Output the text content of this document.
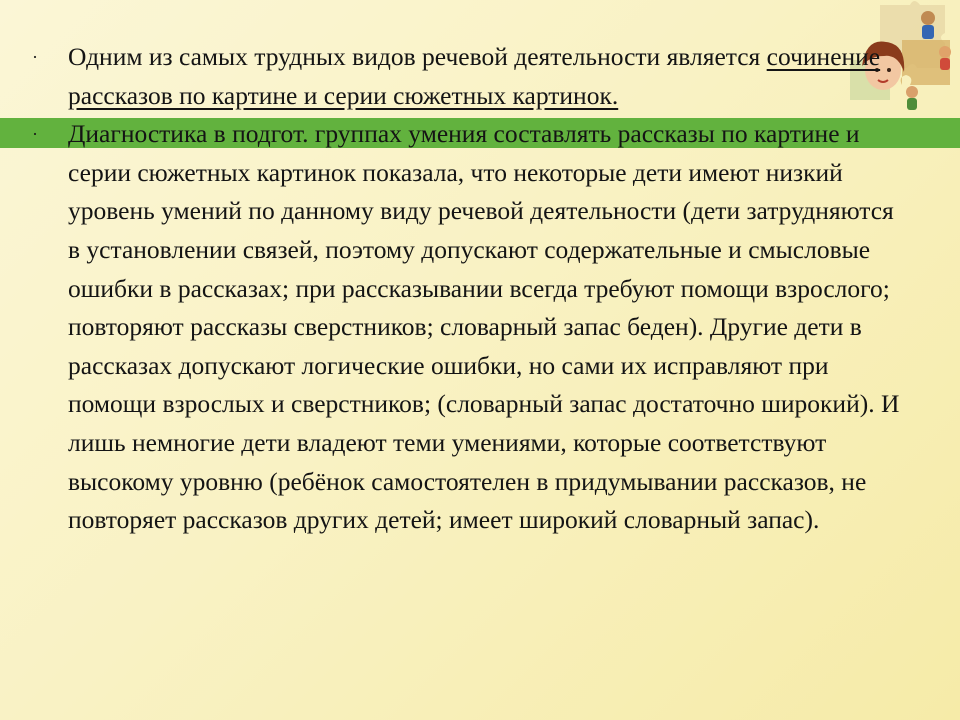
· Одним из самых трудных видов речевой деятельности является сочинение рассказов по картине и серии сюжетных картинок.
· Диагностика в подгот. группах умения составлять рассказы по картине и серии сюжетных картинок показала, что некоторые дети имеют низкий уровень умений по данному виду речевой деятельности (дети затрудняются в установлении связей, поэтому допускают содержательные и смысловые ошибки в рассказах; при рассказывании всегда требуют помощи взрослого; повторяют рассказы сверстников; словарный запас беден). Другие дети в рассказах допускают логические ошибки, но сами их исправляют при помощи взрослых и сверстников; (словарный запас достаточно широкий). И лишь немногие дети владеют теми умениями, которые соответствуют высокому уровню (ребёнок самостоятелен в придумывании рассказов, не повторяет рассказов других детей; имеет широкий словарный запас).
